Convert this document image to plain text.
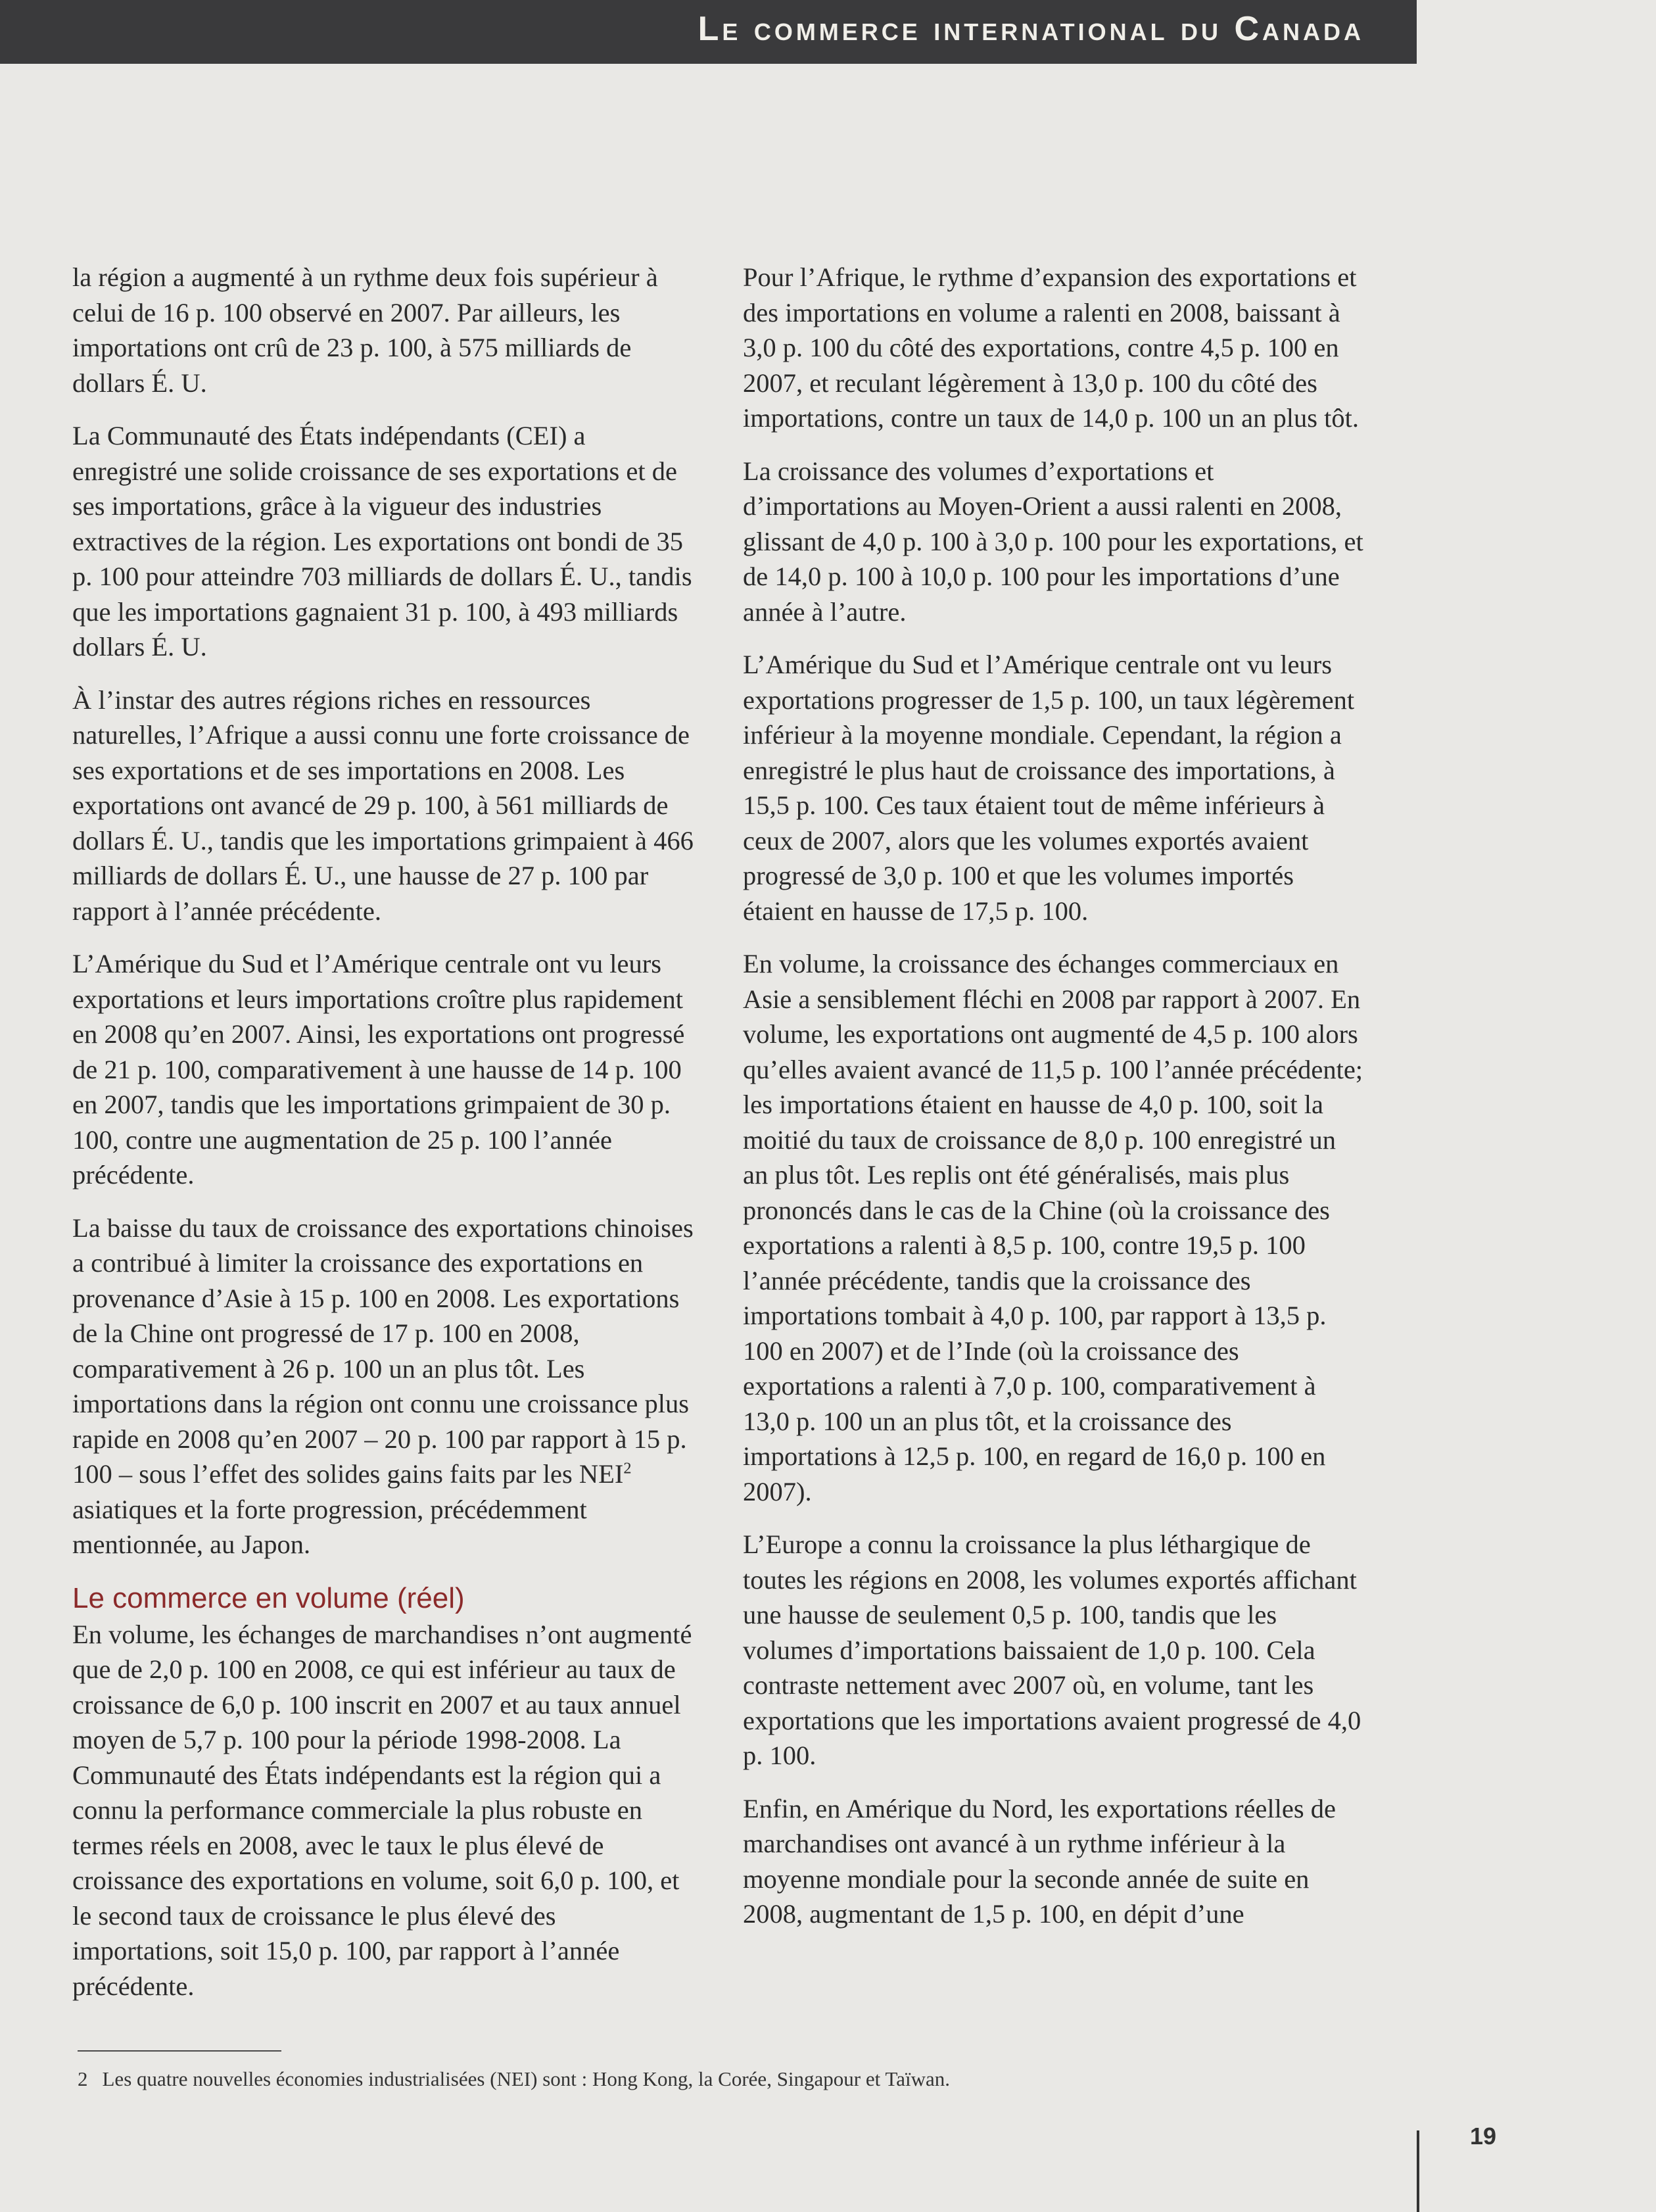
Le commerce international du Canada

la région a augmenté à un rythme deux fois supérieur à celui de 16 p. 100 observé en 2007. Par ailleurs, les importations ont crû de 23 p. 100, à 575 milliards de dollars É. U.

La Communauté des États indépendants (CEI) a enregistré une solide croissance de ses exportations et de ses importations, grâce à la vigueur des industries extractives de la région. Les exportations ont bondi de 35 p. 100 pour atteindre 703 milliards de dollars É. U., tandis que les importations gagnaient 31 p. 100, à 493 milliards dollars É. U.

À l’instar des autres régions riches en ressources naturelles, l’Afrique a aussi connu une forte croissance de ses exportations et de ses importations en 2008. Les exportations ont avancé de 29 p. 100, à 561 milliards de dollars É. U., tandis que les importations grimpaient à 466 milliards de dollars É. U., une hausse de 27 p. 100 par rapport à l’année précédente.

L’Amérique du Sud et l’Amérique centrale ont vu leurs exportations et leurs importations croître plus rapidement en 2008 qu’en 2007. Ainsi, les exportations ont progressé de 21 p. 100, comparativement à une hausse de 14 p. 100 en 2007, tandis que les importations grimpaient de 30 p. 100, contre une augmentation de 25 p. 100 l’année précédente.

La baisse du taux de croissance des exportations chinoises a contribué à limiter la croissance des exportations en provenance d’Asie à 15 p. 100 en 2008. Les exportations de la Chine ont progressé de 17 p. 100 en 2008, comparativement à 26 p. 100 un an plus tôt. Les importations dans la région ont connu une croissance plus rapide en 2008 qu’en 2007 – 20 p. 100 par rapport à 15 p. 100 – sous l’effet des solides gains faits par les NEI$^2$ asiatiques et la forte progression, précédemment mentionnée, au Japon.

Le commerce en volume (réel)

En volume, les échanges de marchandises n’ont augmenté que de 2,0 p. 100 en 2008, ce qui est inférieur au taux de croissance de 6,0 p. 100 inscrit en 2007 et au taux annuel moyen de 5,7 p. 100 pour la période 1998-2008. La Communauté des États indépendants est la région qui a connu la performance commerciale la plus robuste en termes réels en 2008, avec le taux le plus élevé de croissance des exportations en volume, soit 6,0 p. 100, et le second taux de croissance le plus élevé des importations, soit 15,0 p. 100, par rapport à l’année précédente.

Pour l’Afrique, le rythme d’expansion des exportations et des importations en volume a ralenti en 2008, baissant à 3,0 p. 100 du côté des exportations, contre 4,5 p. 100 en 2007, et reculant légèrement à 13,0 p. 100 du côté des importations, contre un taux de 14,0 p. 100 un an plus tôt.

La croissance des volumes d’exportations et d’importations au Moyen-Orient a aussi ralenti en 2008, glissant de 4,0 p. 100 à 3,0 p. 100 pour les exportations, et de 14,0 p. 100 à 10,0 p. 100 pour les importations d’une année à l’autre.

L’Amérique du Sud et l’Amérique centrale ont vu leurs exportations progresser de 1,5 p. 100, un taux légèrement inférieur à la moyenne mondiale. Cependant, la région a enregistré le plus haut de croissance des importations, à 15,5 p. 100. Ces taux étaient tout de même inférieurs à ceux de 2007, alors que les volumes exportés avaient progressé de 3,0 p. 100 et que les volumes importés étaient en hausse de 17,5 p. 100.

En volume, la croissance des échanges commerciaux en Asie a sensiblement fléchi en 2008 par rapport à 2007. En volume, les exportations ont augmenté de 4,5 p. 100 alors qu’elles avaient avancé de 11,5 p. 100 l’année précédente; les importations étaient en hausse de 4,0 p. 100, soit la moitié du taux de croissance de 8,0 p. 100 enregistré un an plus tôt. Les replis ont été généralisés, mais plus prononcés dans le cas de la Chine (où la croissance des exportations a ralenti à 8,5 p. 100, contre 19,5 p. 100 l’année précédente, tandis que la croissance des importations tombait à 4,0 p. 100, par rapport à 13,5 p. 100 en 2007) et de l’Inde (où la croissance des exportations a ralenti à 7,0 p. 100, comparativement à 13,0 p. 100 un an plus tôt, et la croissance des importations à 12,5 p. 100, en regard de 16,0 p. 100 en 2007).

L’Europe a connu la croissance la plus léthargique de toutes les régions en 2008, les volumes exportés affichant une hausse de seulement 0,5 p. 100, tandis que les volumes d’importations baissaient de 1,0 p. 100. Cela contraste nettement avec 2007 où, en volume, tant les exportations que les importations avaient progressé de 4,0 p. 100.

Enfin, en Amérique du Nord, les exportations réelles de marchandises ont avancé à un rythme inférieur à la moyenne mondiale pour la seconde année de suite en 2008, augmentant de 1,5 p. 100, en dépit d’une

2 Les quatre nouvelles économies industrialisées (NEI) sont : Hong Kong, la Corée, Singapour et Taïwan.
19
